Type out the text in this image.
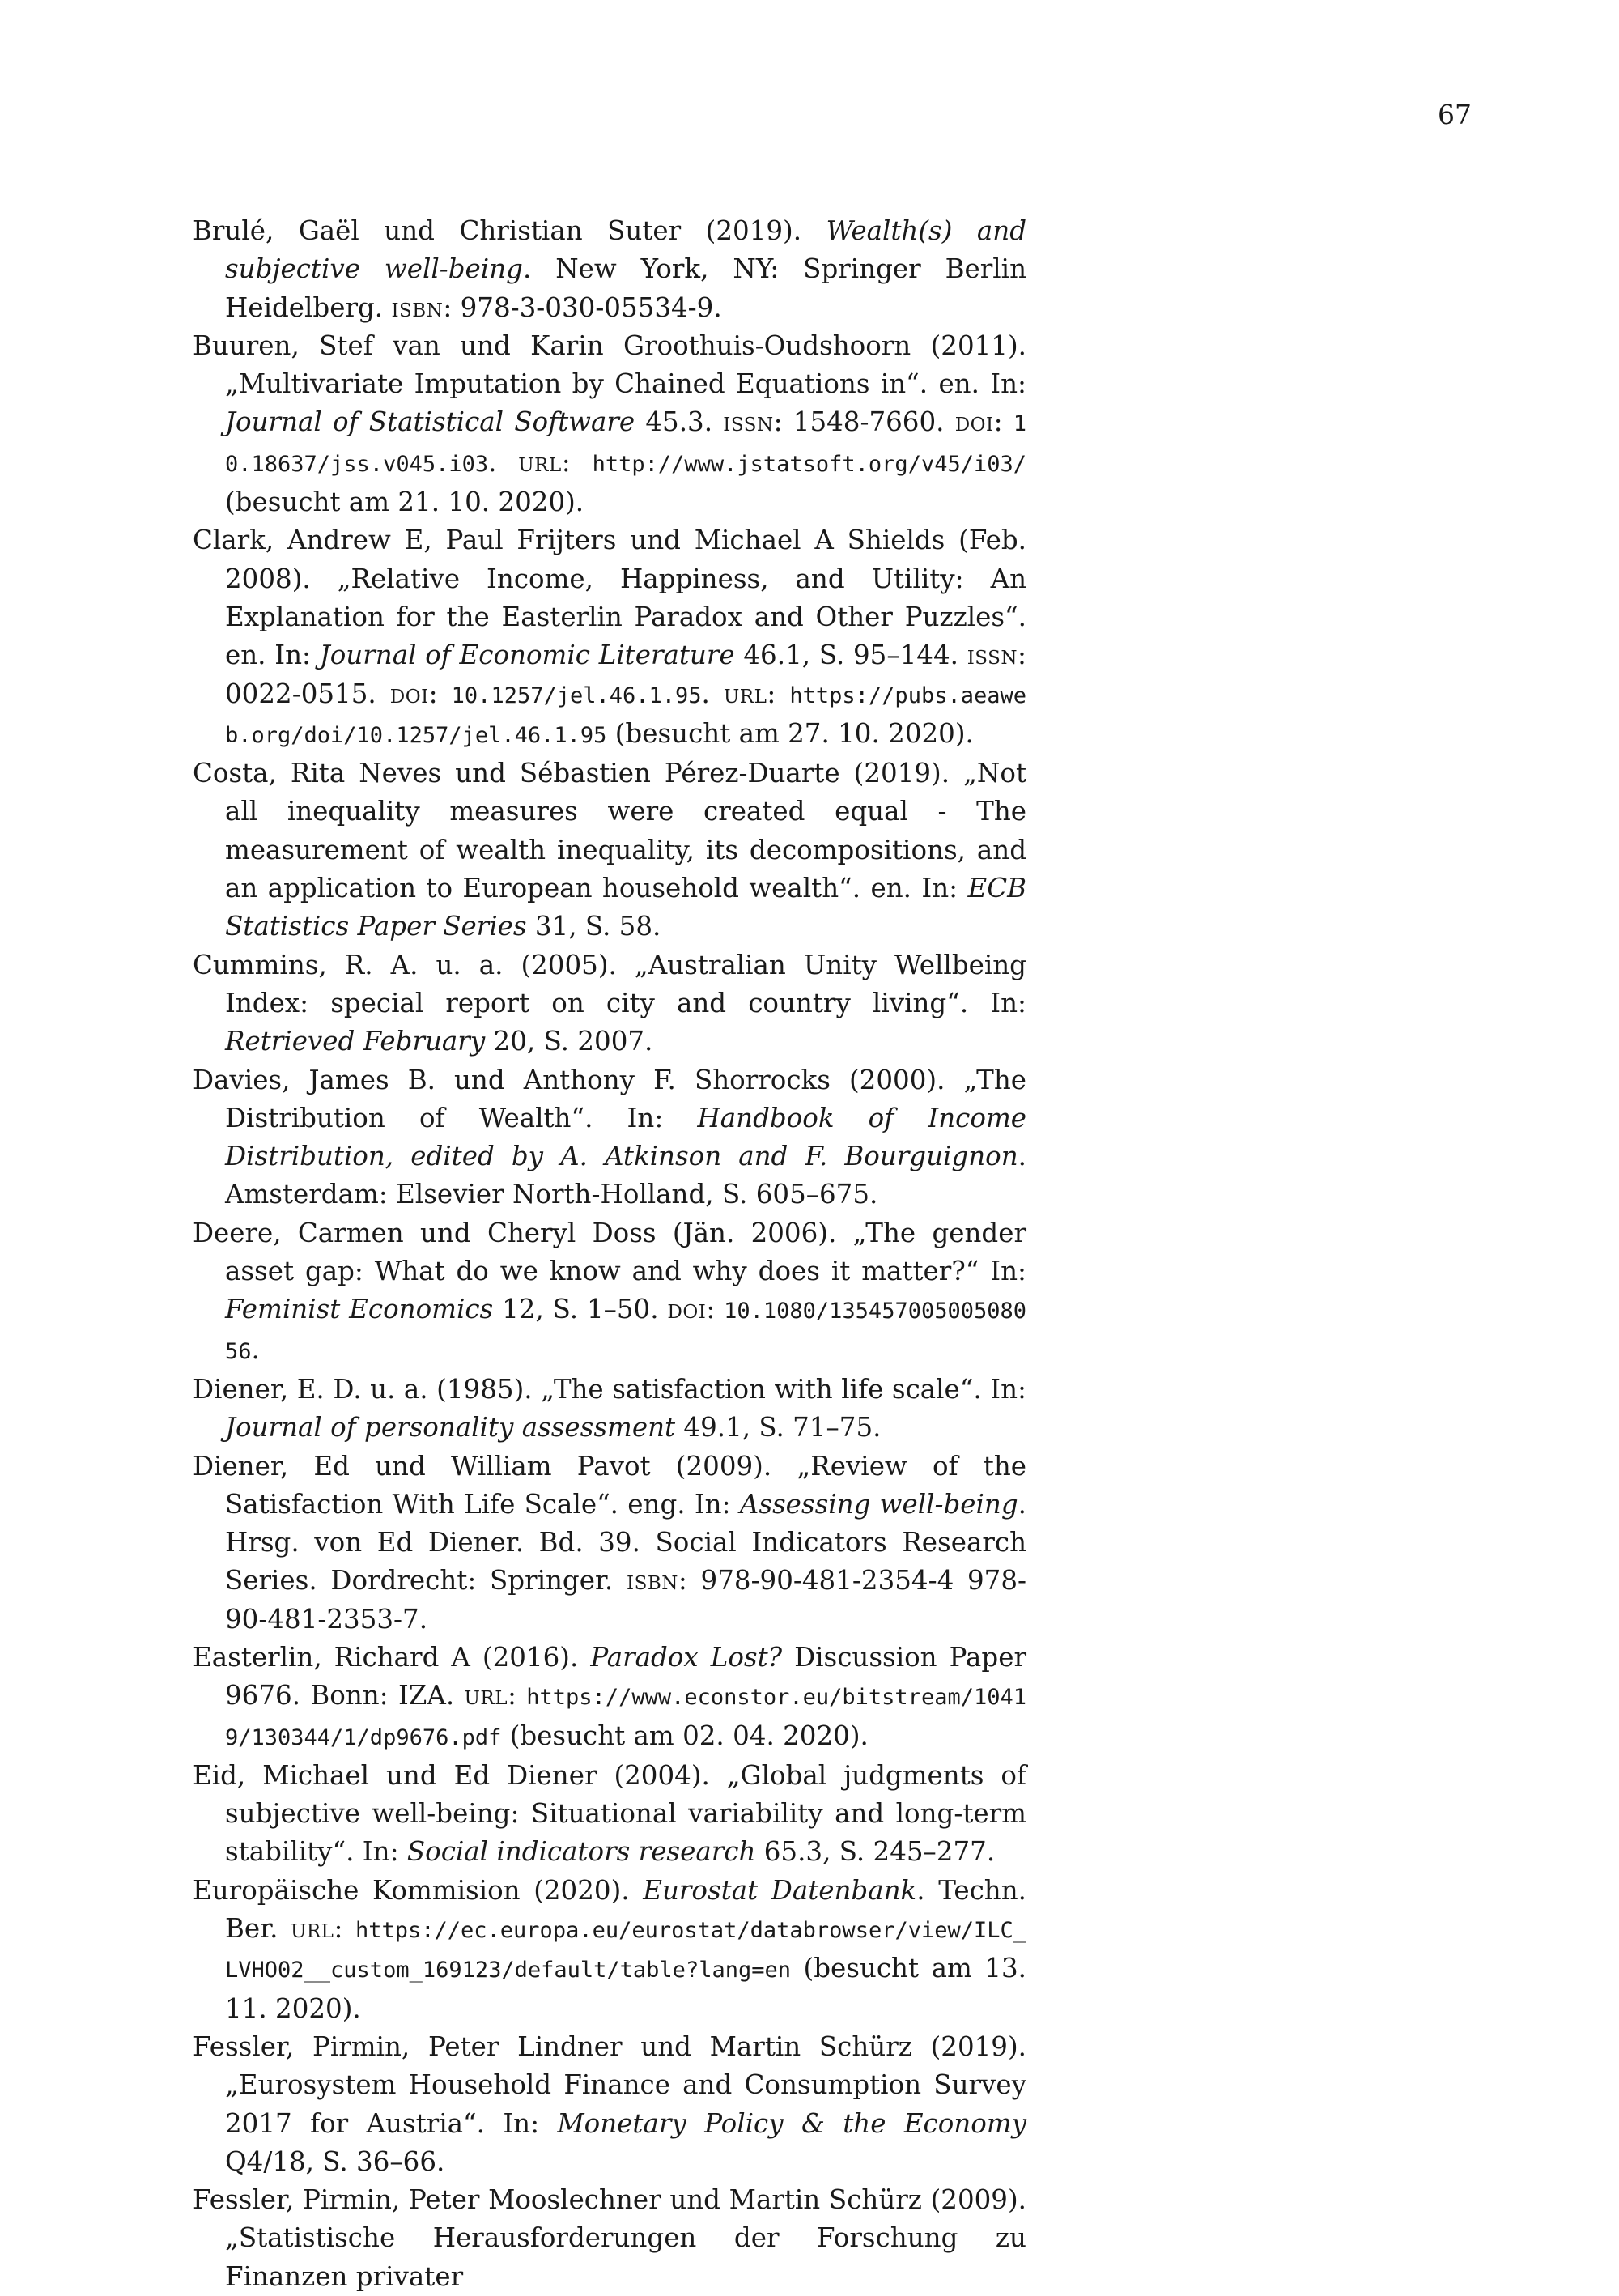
67

Brulé, Gaël und Christian Suter (2019). Wealth(s) and subjective well-being. New York, NY: Springer Berlin Heidelberg. isbn: 978-3-030-05534-9.

Buuren, Stef van und Karin Groothuis-Oudshoorn (2011). „Multivariate Imputation by Chained Equations in“. en. In: Journal of Statistical Software 45.3. issn: 1548-7660. doi: 10.18637/jss.v045.i03. url: http://www.jstatsoft.org/v45/i03/ (besucht am 21. 10. 2020).

Clark, Andrew E, Paul Frijters und Michael A Shields (Feb. 2008). „Relative Income, Happiness, and Utility: An Explanation for the Easterlin Paradox and Other Puzzles“. en. In: Journal of Economic Literature 46.1, S. 95–144. issn: 0022-0515. doi: 10.1257/jel.46.1.95. url: https://pubs.aeaweb.org/doi/10.1257/jel.46.1.95 (besucht am 27. 10. 2020).

Costa, Rita Neves und Sébastien Pérez-Duarte (2019). „Not all inequality measures were created equal - The measurement of wealth inequality, its decompositions, and an application to European household wealth“. en. In: ECB Statistics Paper Series 31, S. 58.

Cummins, R. A. u. a. (2005). „Australian Unity Wellbeing Index: special report on city and country living“. In: Retrieved February 20, S. 2007.

Davies, James B. und Anthony F. Shorrocks (2000). „The Distribution of Wealth“. In: Handbook of Income Distribution, edited by A. Atkinson and F. Bourguignon. Amsterdam: Elsevier North-Holland, S. 605–675.

Deere, Carmen und Cheryl Doss (Jän. 2006). „The gender asset gap: What do we know and why does it matter?“ In: Feminist Economics 12, S. 1–50. doi: 10.1080/13545700500508056.

Diener, E. D. u. a. (1985). „The satisfaction with life scale“. In: Journal of personality assessment 49.1, S. 71–75.

Diener, Ed und William Pavot (2009). „Review of the Satisfaction With Life Scale“. eng. In: Assessing well-being. Hrsg. von Ed Diener. Bd. 39. Social Indicators Research Series. Dordrecht: Springer. isbn: 978-90-481-2354-4 978-90-481-2353-7.

Easterlin, Richard A (2016). Paradox Lost? Discussion Paper 9676. Bonn: IZA. url: https://www.econstor.eu/bitstream/10419/130344/1/dp9676.pdf (besucht am 02. 04. 2020).

Eid, Michael und Ed Diener (2004). „Global judgments of subjective well-being: Situational variability and long-term stability“. In: Social indicators research 65.3, S. 245–277.

Europäische Kommision (2020). Eurostat Datenbank. Techn. Ber. url: https://ec.europa.eu/eurostat/databrowser/view/ILC_LVHO02__custom_169123/default/table?lang=en (besucht am 13. 11. 2020).

Fessler, Pirmin, Peter Lindner und Martin Schürz (2019). „Eurosystem Household Finance and Consumption Survey 2017 for Austria“. In: Monetary Policy & the Economy Q4/18, S. 36–66.

Fessler, Pirmin, Peter Mooslechner und Martin Schürz (2009). „Statistische Herausforderungen der Forschung zu Finanzen privater
